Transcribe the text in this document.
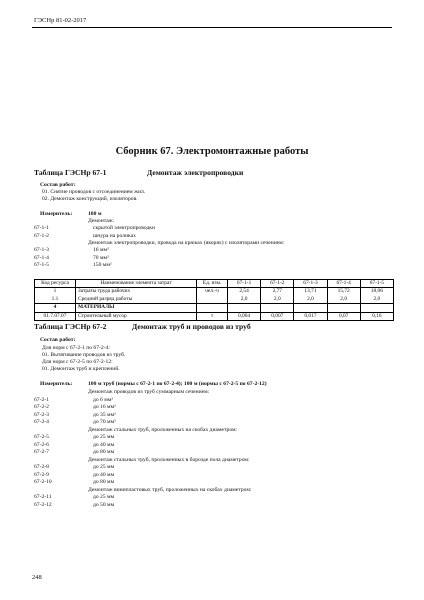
ГЭСНр 81-02-2017
Сборник 67. Электромонтажные работы
Таблица ГЭСНр 67-1	Демонтаж электропроводки
Состав работ:
01. Снятие проводов с отсоединением жил.
02. Демонтаж конструкций, изоляторов.
Измеритель:	100 м
Демонтаж:
67-1-1	скрытой электропроводки
67-1-2	шнура на роликах
Демонтаж электропроводки, провода на крюках (якорях) с изоляторами сечением:
67-1-3	16 мм²
67-1-4	70 мм²
67-1-5	150 мм²
Код ресурса	Наименование элемента затрат	Ед. изм.	67-1-1	67-1-2	67-1-3	67-1-4	67-1-5
1	Затраты труда рабочих	чел.-ч	2,54	2,77	13,71	15,72	18,06
1.1	Средний разряд работы		2,0	2,0	2,0	2,0	2,0
4	МАТЕРИАЛЫ						
01.7.07.07	Строительный мусор	т	0,004	0,007	0,017	0,07	0,16
Таблица ГЭСНр 67-2	Демонтаж труб и проводов из труб
Состав работ:
Для норм с 67-2-1 по 67-2-4:
01. Вытягивание проводов из труб.
Для норм с 67-2-5 по 67-2-12:
01. Демонтаж труб и креплений.
Измеритель:	100 м труб (нормы с 67-2-1 по 67-2-4); 100 м (нормы с 67-2-5 по 67-2-12)
Демонтаж проводов из труб суммарным сечением:
67-2-1	до 6 мм²
67-2-2	до 16 мм²
67-2-3	до 35 мм²
67-2-4	до 70 мм²
Демонтаж стальных труб, проложенных на скобах диаметром:
67-2-5	до 25 мм
67-2-6	до 40 мм
67-2-7	до 80 мм
Демонтаж стальных труб, проложенных в борозде пола диаметром:
67-2-8	до 25 мм
67-2-9	до 40 мм
67-2-10	до 80 мм
Демонтаж винипластовых труб, проложенных на скобах диаметром:
67-2-11	до 25 мм
67-2-12	до 50 мм
248
